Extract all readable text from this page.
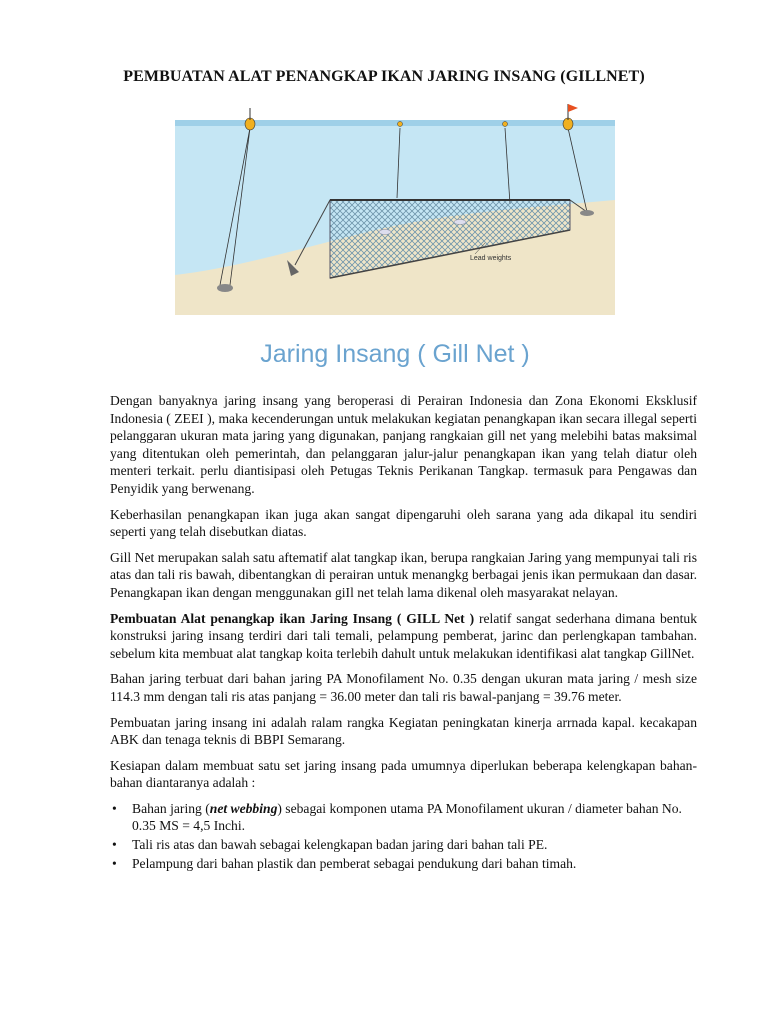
PEMBUATAN ALAT PENANGKAP IKAN JARING INSANG (GILLNET)
Lead weights
Jaring Insang ( Gill Net )

Dengan banyaknya jaring insang yang beroperasi di Perairan Indonesia dan Zona Ekonomi Eksklusif Indonesia ( ZEEI ), maka kecenderungan untuk melakukan kegiatan penangkapan ikan secara illegal seperti pelanggaran ukuran mata jaring yang digunakan, panjang rangkaian gill net yang melebihi batas maksimal yang ditentukan oleh pemerintah, dan pelanggaran jalur-jalur penangkapan ikan yang telah diatur oleh menteri terkait. perlu diantisipasi oleh Petugas Teknis Perikanan Tangkap. termasuk para Pengawas dan Penyidik yang berwenang.

Keberhasilan penangkapan ikan juga akan sangat dipengaruhi oleh sarana yang ada dikapal itu sendiri seperti yang telah disebutkan diatas.

Gill Net merupakan salah satu aftematif alat tangkap ikan, berupa rangkaian Jaring yang mempunyai tali ris atas dan tali ris bawah, dibentangkan di perairan untuk menangkg berbagai jenis ikan permukaan dan dasar. Penangkapan ikan dengan menggunakan giIl net telah lama dikenal oleh masyarakat nelayan.

Pembuatan Alat penangkap ikan Jaring Insang ( GILL Net ) relatif sangat sederhana dimana bentuk konstruksi jaring insang terdiri dari tali temali, pelampung pemberat, jarinc dan perlengkapan tambahan. sebelum kita membuat alat tangkap koita terlebih dahult untuk melakukan identifikasi alat tangkap GillNet.

Bahan jaring terbuat dari bahan jaring PA Monofilament No. 0.35 dengan ukuran mata jaring / mesh size 114.3 mm dengan tali ris atas panjang = 36.00 meter dan tali ris bawal-panjang = 39.76 meter.

Pembuatan jaring insang ini adalah ralam rangka Kegiatan peningkatan kinerja arrnada kapal. kecakapan ABK dan tenaga teknis di BBPI Semarang.

Kesiapan dalam membuat satu set jaring insang pada umumnya diperlukan beberapa kelengkapan bahan-bahan diantaranya adalah :

• Bahan jaring (net webbing) sebagai komponen utama PA Monofilament ukuran / diameter bahan No. 0.35 MS = 4,5 Inchi.
• Tali ris atas dan bawah sebagai kelengkapan badan jaring dari bahan tali PE.
• Pelampung dari bahan plastik dan pemberat sebagai pendukung dari bahan timah.
